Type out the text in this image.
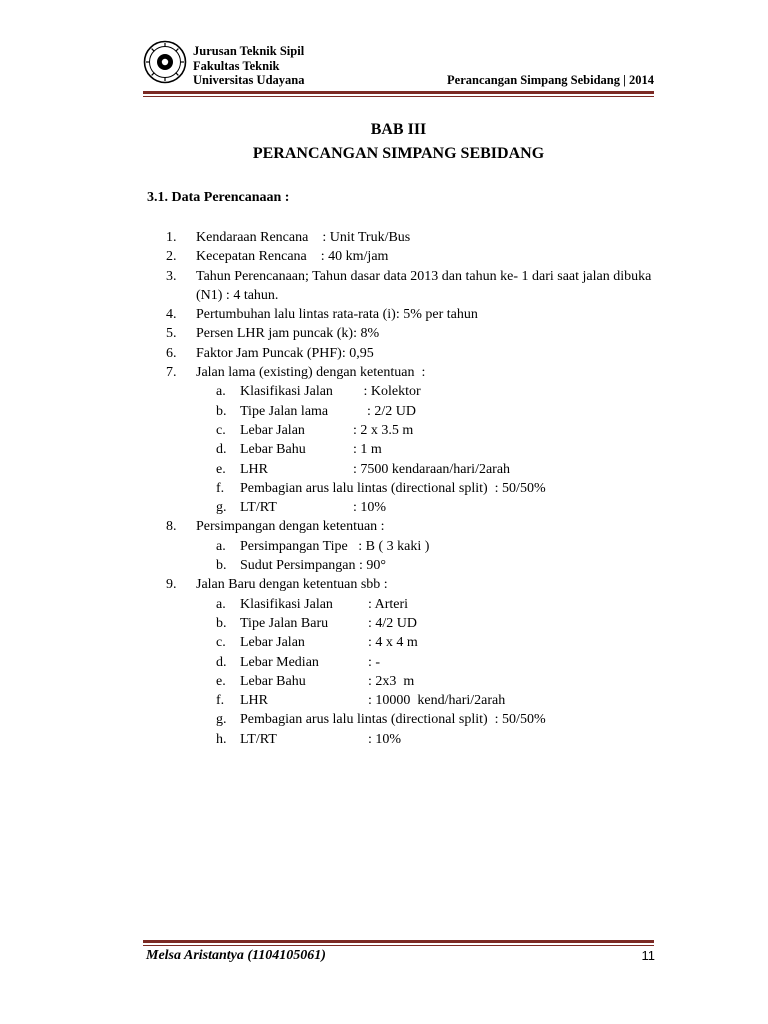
Jurusan Teknik Sipil
Fakultas Teknik
Universitas Udayana	Perancangan Simpang Sebidang | 2014
BAB III
PERANCANGAN SIMPANG SEBIDANG
3.1. Data Perencanaan :
1.	Kendaraan Rencana    : Unit Truk/Bus
2.	Kecepatan Rencana    : 40 km/jam
3.	Tahun Perencanaan; Tahun dasar data 2013 dan tahun ke- 1 dari saat jalan dibuka (N1) : 4 tahun.
4.	Pertumbuhan lalu lintas rata-rata (i): 5% per tahun
5.	Persen LHR jam puncak (k): 8%
6.	Faktor Jam Puncak (PHF): 0,95
7.	Jalan lama (existing) dengan ketentuan  :
a.	Klasifikasi Jalan	: Kolektor
b. Tipe Jalan lama	: 2/2 UD
c.	Lebar Jalan	: 2 x 3.5 m
d. Lebar Bahu	: 1 m
e.	LHR	: 7500 kendaraan/hari/2arah
f.	Pembagian arus lalu lintas (directional split)  : 50/50%
g. LT/RT	: 10%
8.	Persimpangan dengan ketentuan :
a.	Persimpangan Tipe   : B ( 3 kaki )
b. Sudut Persimpangan : 90°
9.	Jalan Baru dengan ketentuan sbb :
a.	Klasifikasi Jalan	: Arteri
b. Tipe Jalan Baru	: 4/2 UD
c.	Lebar Jalan	: 4 x 4 m
d. Lebar Median	: -
e.	Lebar Bahu	: 2x3  m
f.	LHR	: 10000  kend/hari/2arah
g. Pembagian arus lalu lintas (directional split)  : 50/50%
h. LT/RT	: 10%
Melsa Aristantya (1104105061)	11
